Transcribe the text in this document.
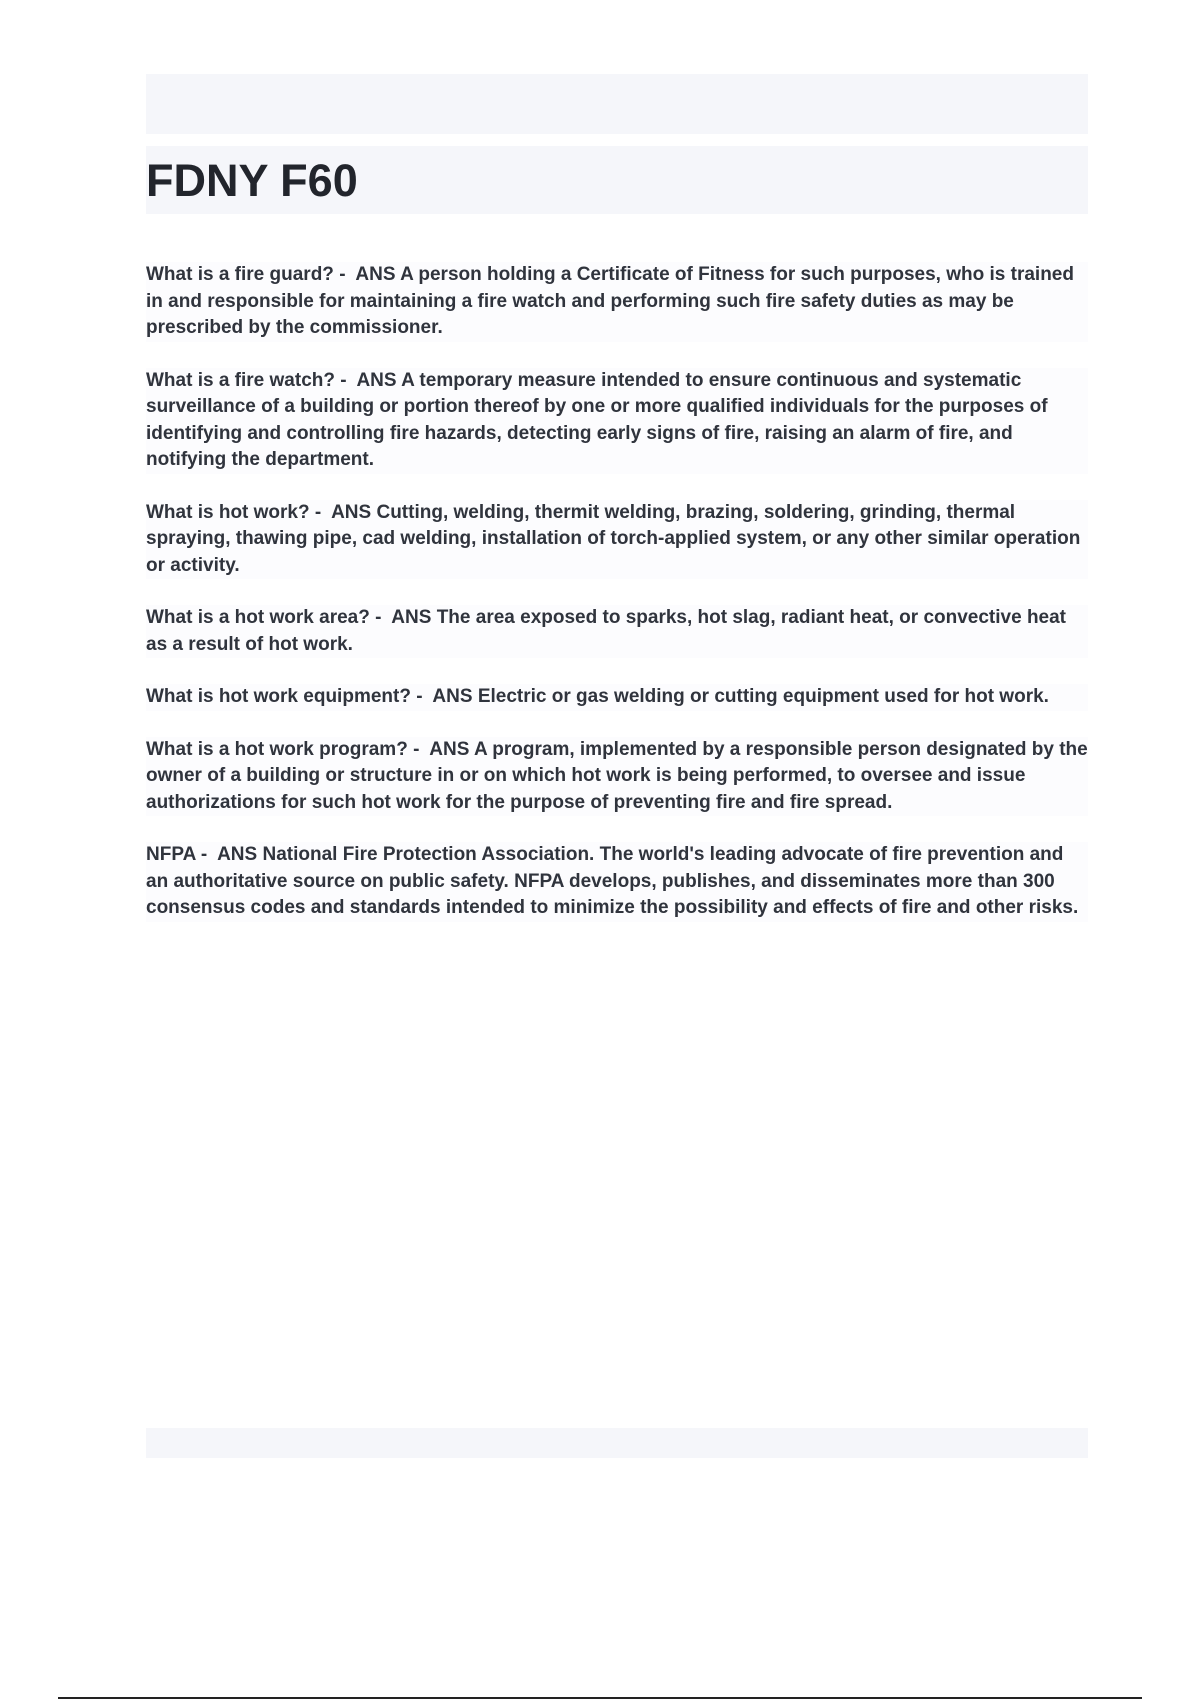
FDNY F60

What is a fire guard? -  ANS A person holding a Certificate of Fitness for such purposes, who is trained in and responsible for maintaining a fire watch and performing such fire safety duties as may be prescribed by the commissioner.

What is a fire watch? -  ANS A temporary measure intended to ensure continuous and systematic surveillance of a building or portion thereof by one or more qualified individuals for the purposes of identifying and controlling fire hazards, detecting early signs of fire, raising an alarm of fire, and notifying the department.

What is hot work? -  ANS Cutting, welding, thermit welding, brazing, soldering, grinding, thermal spraying, thawing pipe, cad welding, installation of torch-applied system, or any other similar operation or activity.

What is a hot work area? -  ANS The area exposed to sparks, hot slag, radiant heat, or convective heat as a result of hot work.

What is hot work equipment? -  ANS Electric or gas welding or cutting equipment used for hot work.

What is a hot work program? -  ANS A program, implemented by a responsible person designated by the owner of a building or structure in or on which hot work is being performed, to oversee and issue authorizations for such hot work for the purpose of preventing fire and fire spread.

NFPA -  ANS National Fire Protection Association. The world's leading advocate of fire prevention and an authoritative source on public safety. NFPA develops, publishes, and disseminates more than 300 consensus codes and standards intended to minimize the possibility and effects of fire and other risks.
